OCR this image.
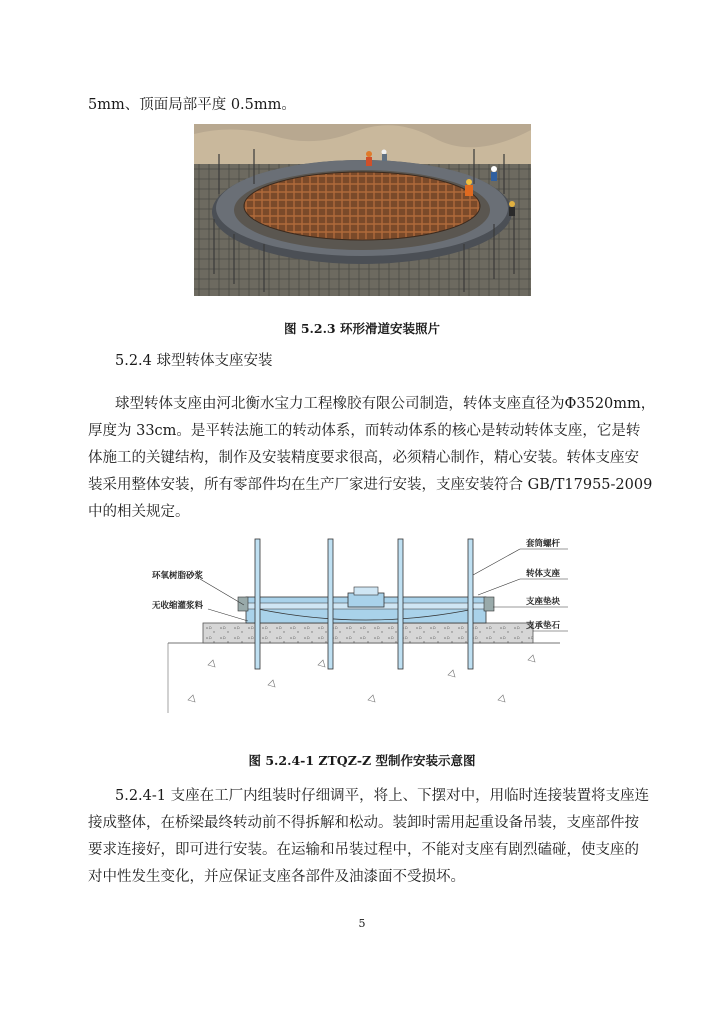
5mm、顶面局部平度 0.5mm。
图 5.2.3 环形滑道安装照片
5.2.4 球型转体支座安装
球型转体支座由河北衡水宝力工程橡胶有限公司制造，转体支座直径为Φ3520mm，
厚度为 33cm。是平转法施工的转动体系，而转动体系的核心是转动转体支座，它是转
体施工的关键结构，制作及安装精度要求很高，必须精心制作，精心安装。转体支座安
装采用整体安装，所有零部件均在生产厂家进行安装，支座安装符合 GB/T17955-2009
中的相关规定。
套筒螺杆
转体支座
支座垫块
支承垫石
环氧树脂砂浆
无收缩灌浆料
图 5.2.4-1 ZTQZ-Z 型制作安装示意图
5.2.4-1 支座在工厂内组装时仔细调平，将上、下摆对中，用临时连接装置将支座连
接成整体，在桥梁最终转动前不得拆解和松动。装卸时需用起重设备吊装，支座部件按
要求连接好，即可进行安装。在运输和吊装过程中，不能对支座有剧烈磕碰，使支座的
对中性发生变化，并应保证支座各部件及油漆面不受损坏。
5
